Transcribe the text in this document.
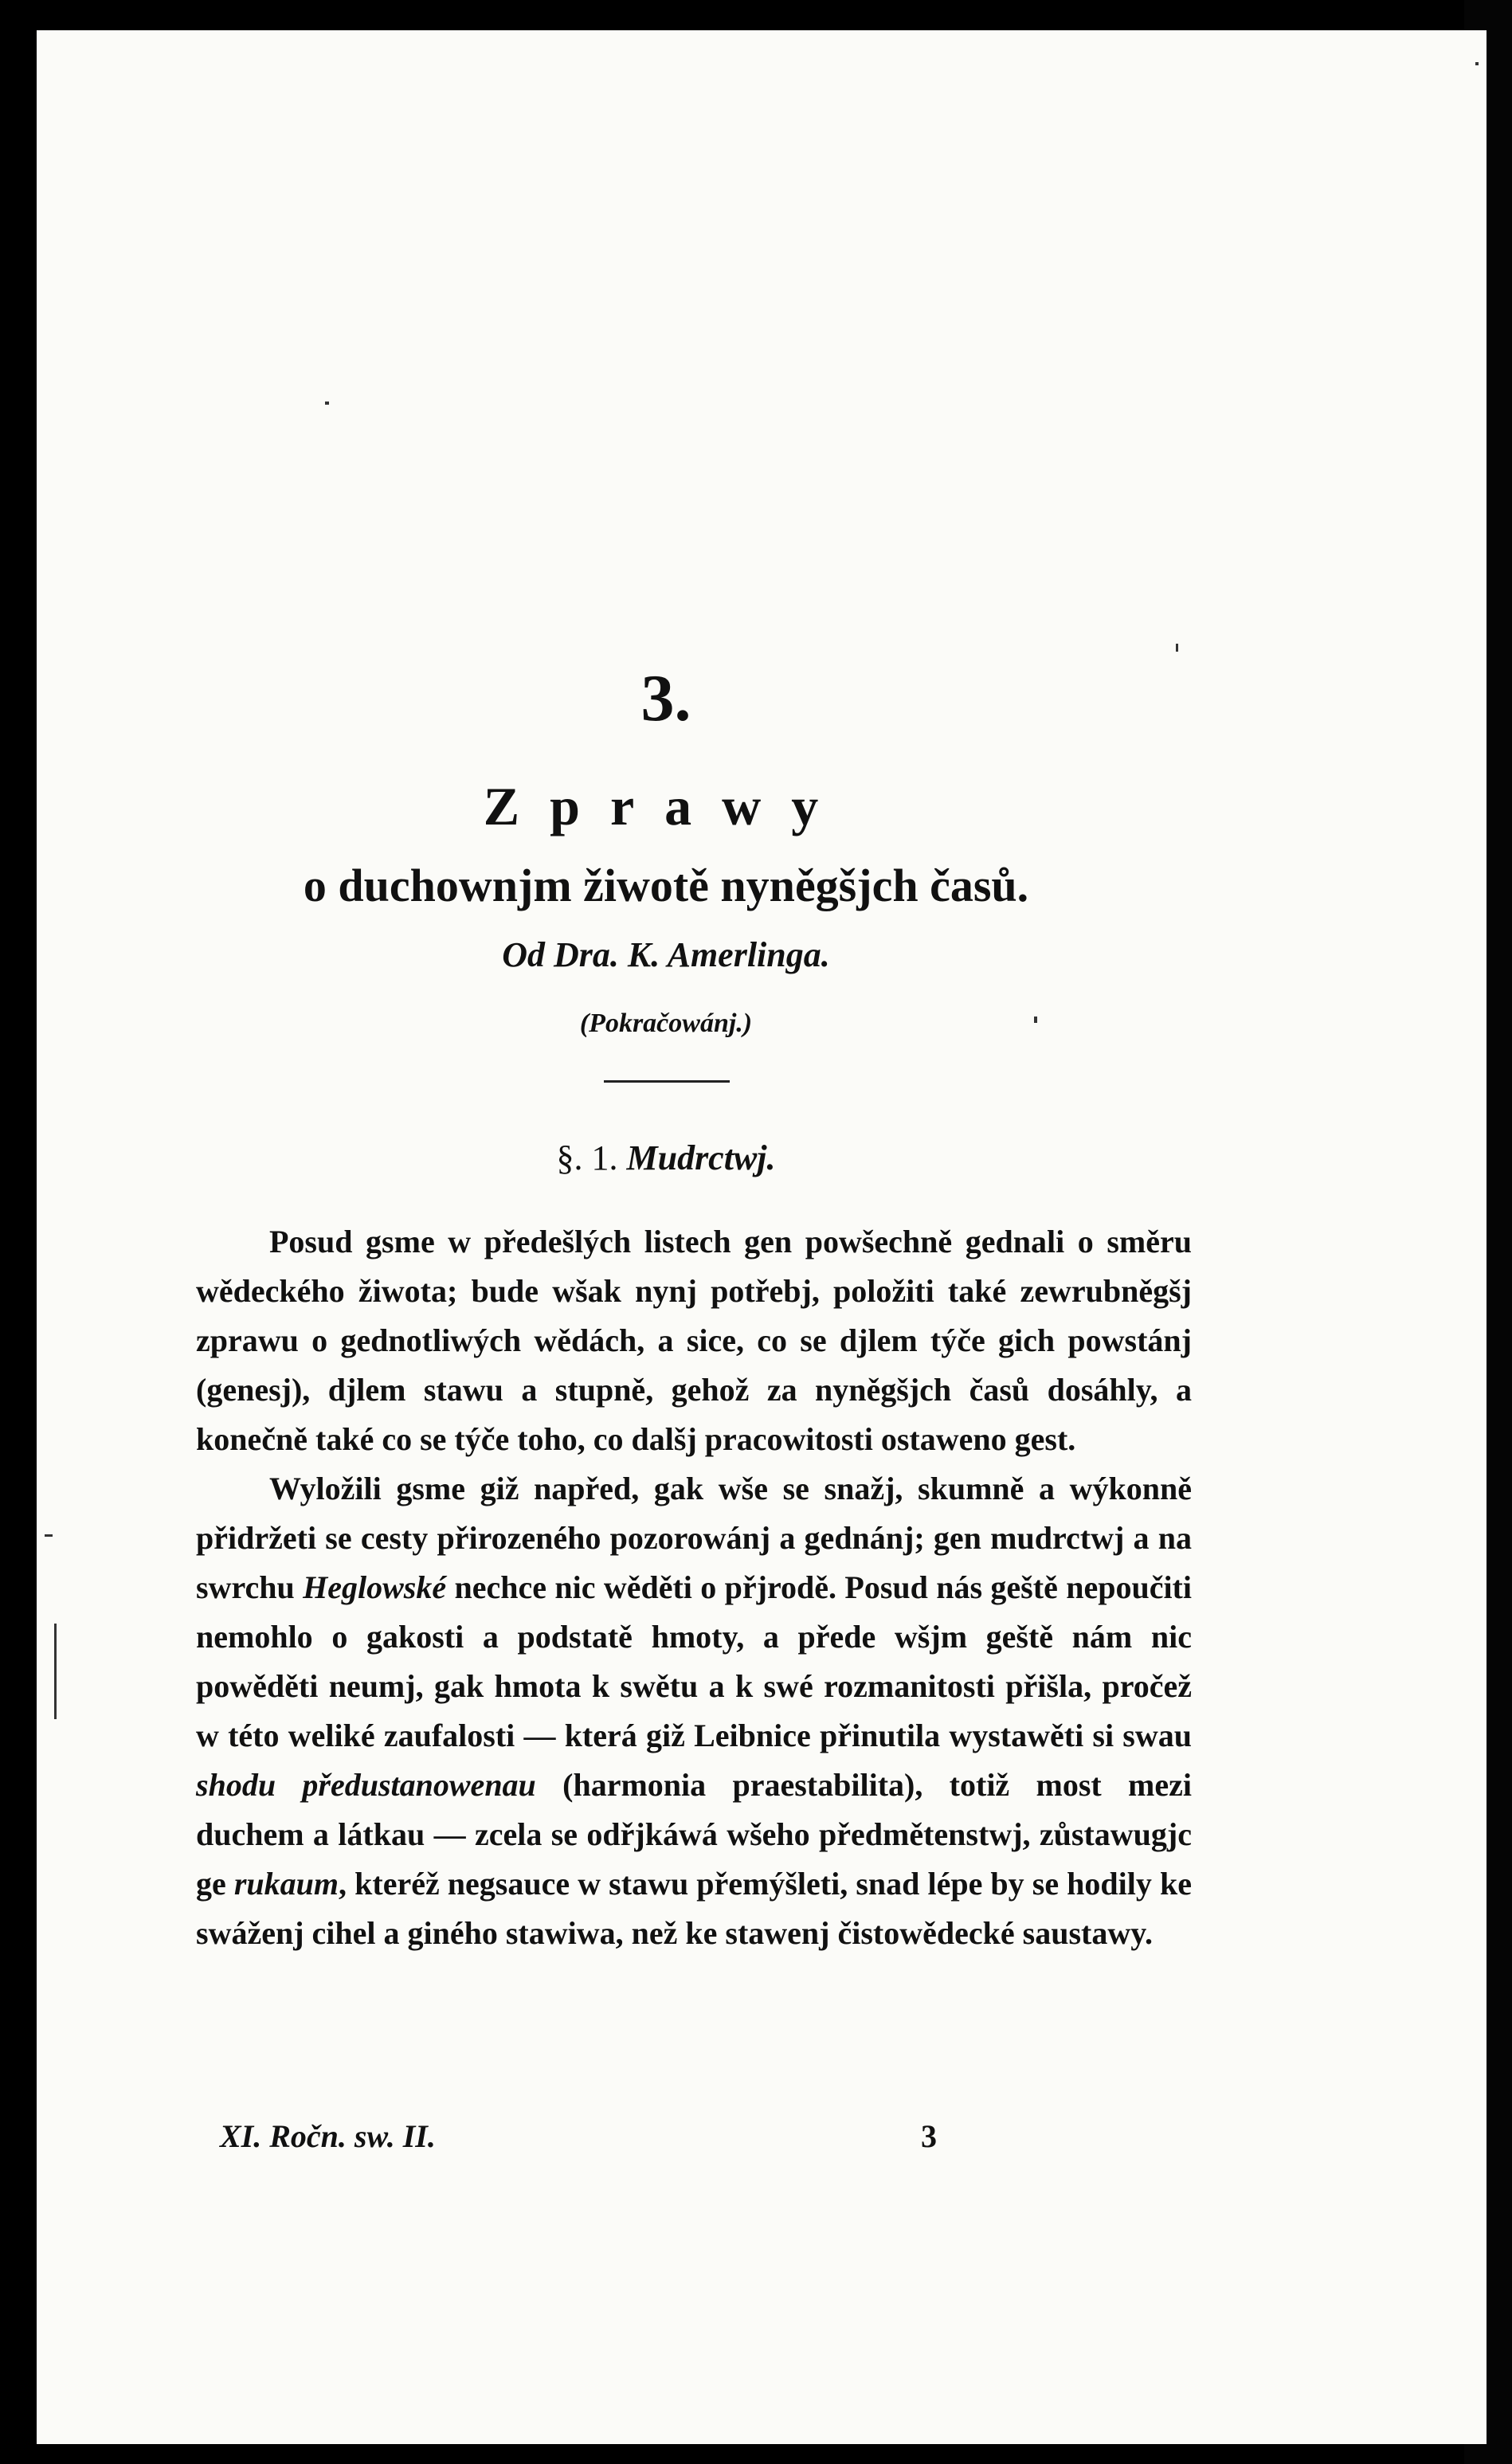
3.
Zprawy
o duchownjm žiwotě nyněgšjch časů.
Od Dra. K. Amerlinga.
(Pokračowánj.)
§. 1. Mudrctwj.

Posud gsme w předešlých listech gen powšechně gednali o směru wědeckého žiwota; bude wšak nynj potřebj, položiti také zewrubněgšj zprawu o gednotliwých wědách, a sice, co se djlem týče gich powstánj (genesj), djlem stawu a stupně, gehož za nyněgšjch časů dosáhly, a konečně také co se týče toho, co dalšj pracowitosti ostaweno gest.

Wyložili gsme giž napřed, gak wše se snažj, skumně a wýkonně přidržeti se cesty přirozeného pozorowánj a gednánj; gen mudrctwj a na swrchu Heglowské nechce nic wěděti o přjrodě. Posud nás geště nepoučiti nemohlo o gakosti a podstatě hmoty, a přede wšjm geště nám nic powěděti neumj, gak hmota k swětu a k swé rozmanitosti přišla, pročež w této weliké zaufalosti — která giž Leibnice přinutila wystawěti si swau shodu předustanowenau (harmonia praestabilita), totiž most mezi duchem a látkau — zcela se odřjkáwá wšeho předmětenstwj, zůstawugjc ge rukaum, kteréž negsauce w stawu přemýšleti, snad lépe by se hodily ke swáženj cihel a giného stawiwa, než ke stawenj čistowědecké saustawy.

XI. Ročn. sw. II.	3
